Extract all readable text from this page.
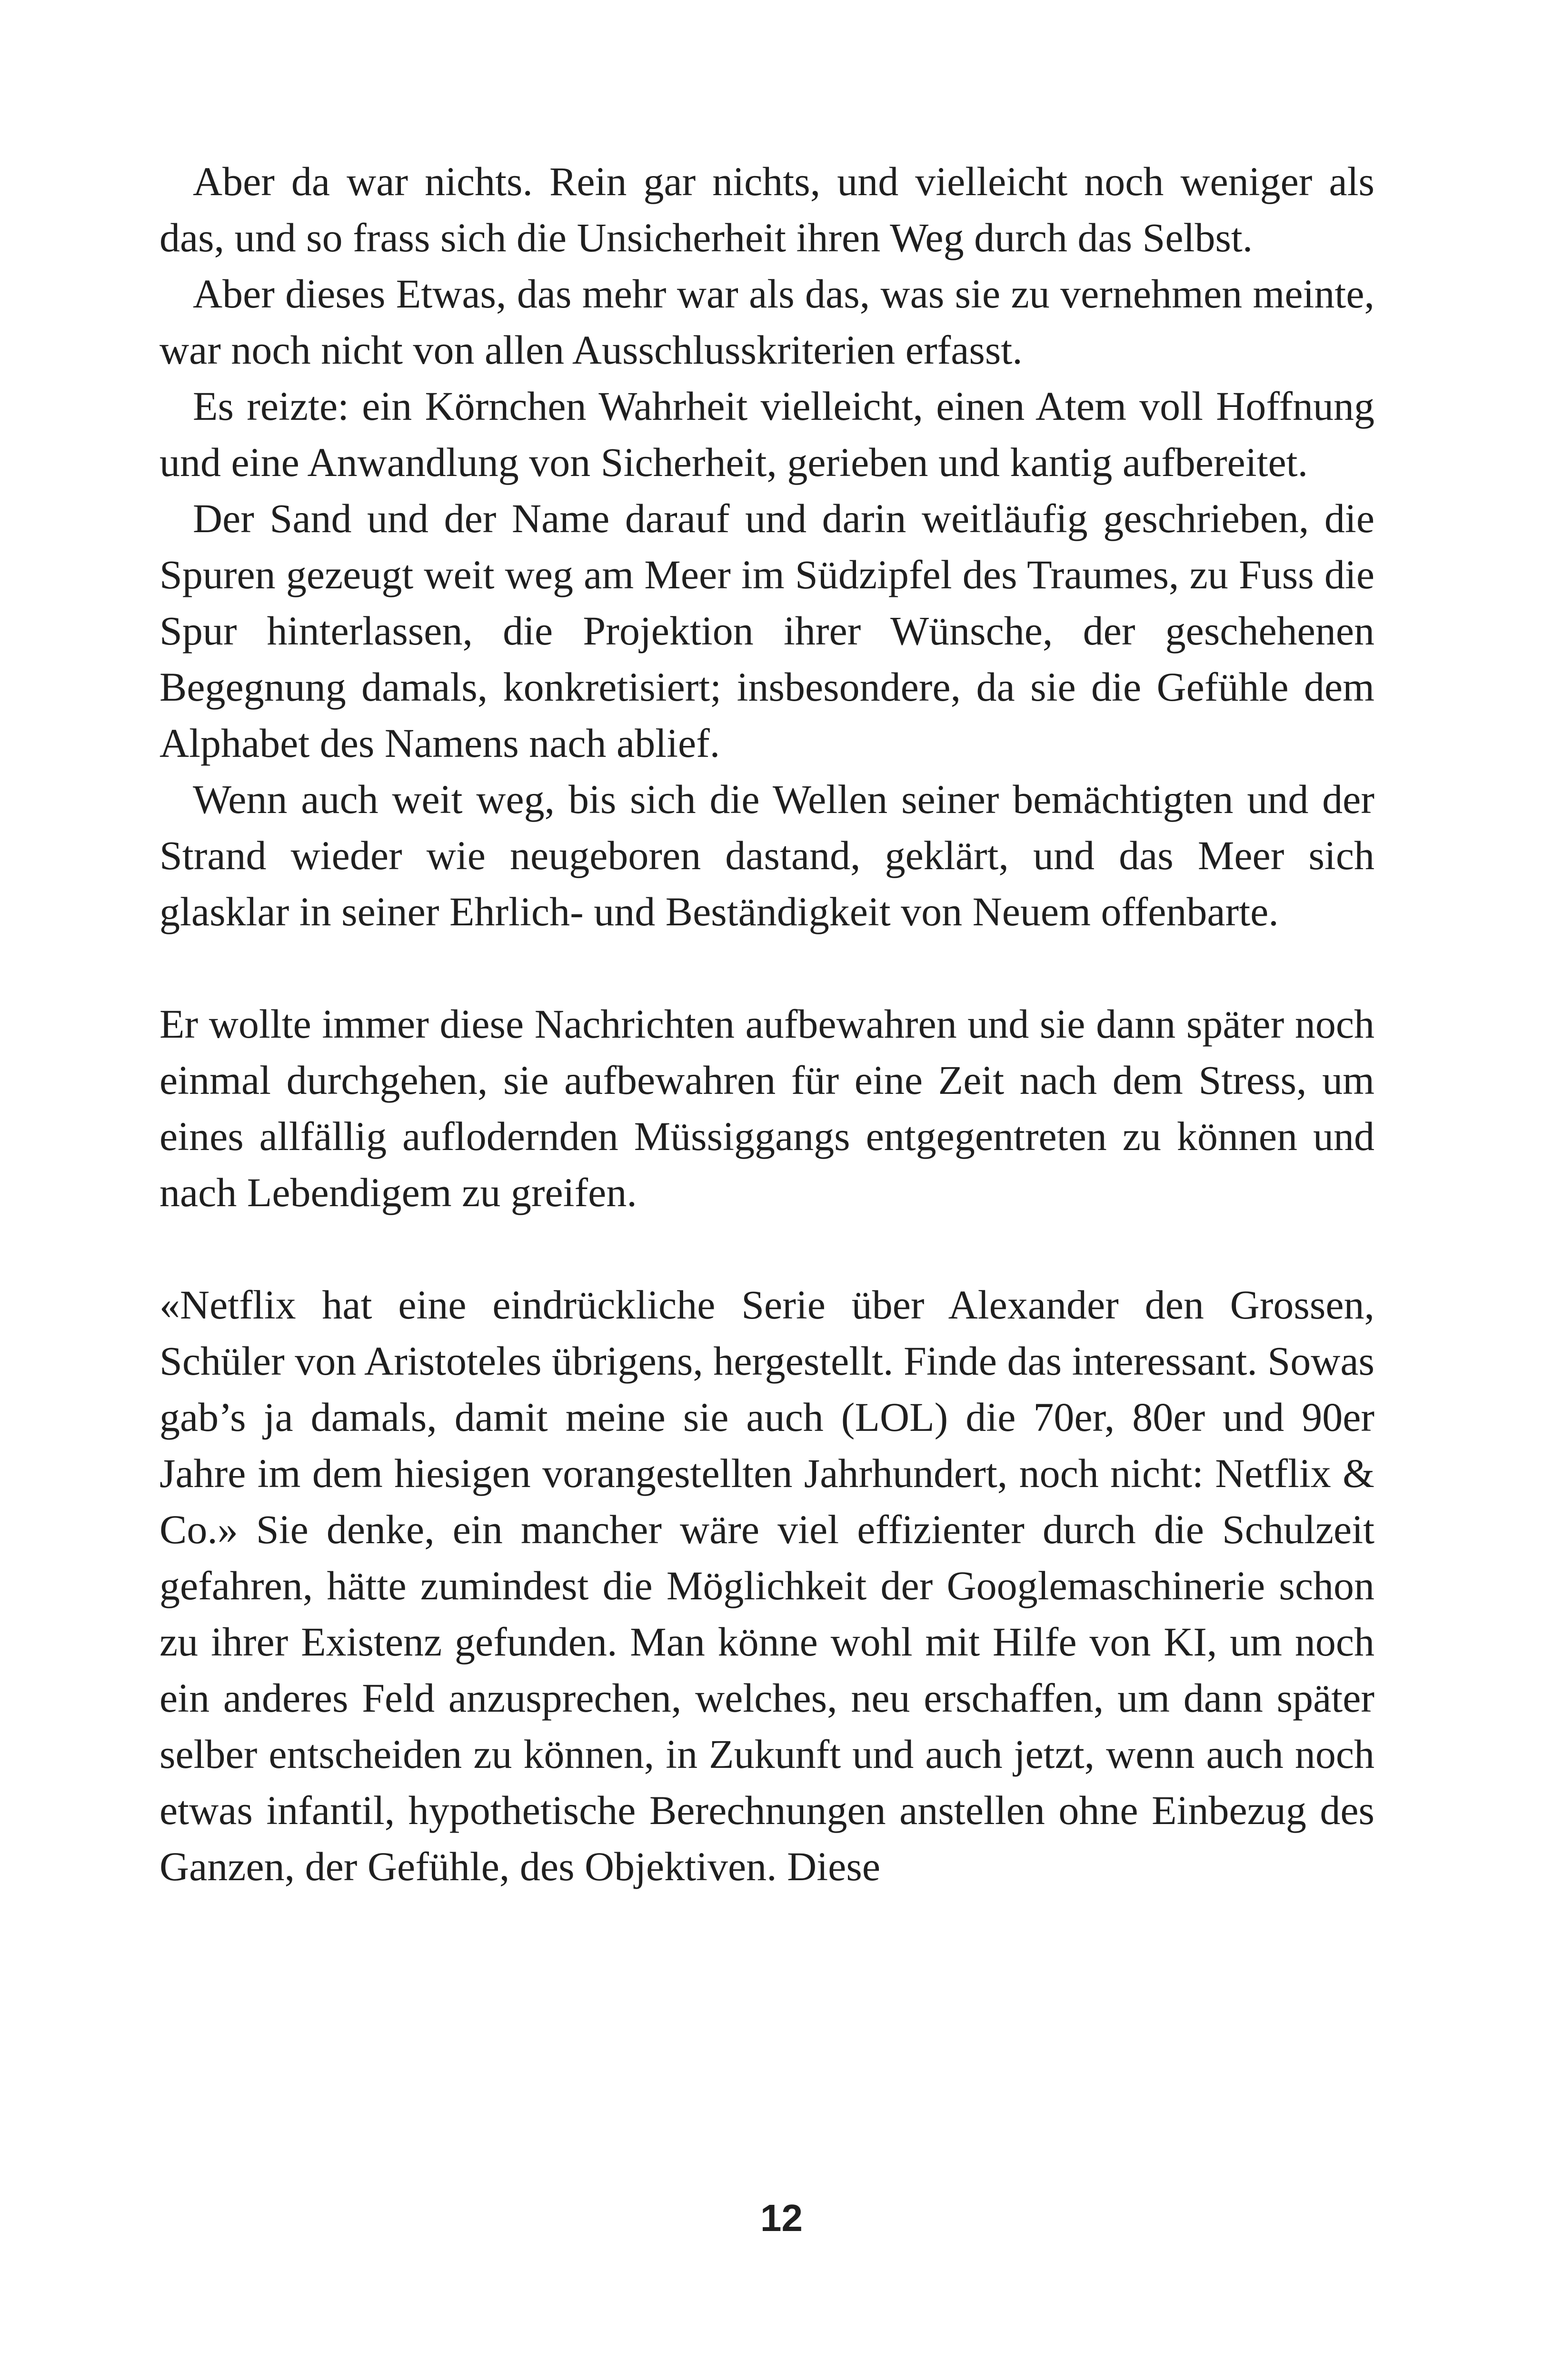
Aber da war nichts. Rein gar nichts, und vielleicht noch weniger als das, und so frass sich die Unsicherheit ihren Weg durch das Selbst.

Aber dieses Etwas, das mehr war als das, was sie zu vernehmen meinte, war noch nicht von allen Ausschlusskriterien erfasst.

Es reizte: ein Körnchen Wahrheit vielleicht, einen Atem voll Hoffnung und eine Anwandlung von Sicherheit, gerieben und kantig aufbereitet.

Der Sand und der Name darauf und darin weitläufig geschrieben, die Spuren gezeugt weit weg am Meer im Südzipfel des Traumes, zu Fuss die Spur hinterlassen, die Projektion ihrer Wünsche, der geschehenen Begegnung damals, konkretisiert; insbesondere, da sie die Gefühle dem Alphabet des Namens nach ablief.

Wenn auch weit weg, bis sich die Wellen seiner bemächtigten und der Strand wieder wie neugeboren dastand, geklärt, und das Meer sich glasklar in seiner Ehrlich- und Beständigkeit von Neuem offenbarte.

Er wollte immer diese Nachrichten aufbewahren und sie dann später noch einmal durchgehen, sie aufbewahren für eine Zeit nach dem Stress, um eines allfällig auflodernden Müssiggangs entgegentreten zu können und nach Lebendigem zu greifen.

«Netflix hat eine eindrückliche Serie über Alexander den Grossen, Schüler von Aristoteles übrigens, hergestellt. Finde das interessant. Sowas gab’s ja damals, damit meine sie auch (LOL) die 70er, 80er und 90er Jahre im dem hiesigen vorangestellten Jahrhundert, noch nicht: Netflix & Co.» Sie denke, ein mancher wäre viel effizienter durch die Schulzeit gefahren, hätte zumindest die Möglichkeit der Googlemaschinerie schon zu ihrer Existenz gefunden. Man könne wohl mit Hilfe von KI, um noch ein anderes Feld anzusprechen, welches, neu erschaffen, um dann später selber entscheiden zu können, in Zukunft und auch jetzt, wenn auch noch etwas infantil, hypothetische Berechnungen anstellen ohne Einbezug des Ganzen, der Gefühle, des Objektiven. Diese

12
